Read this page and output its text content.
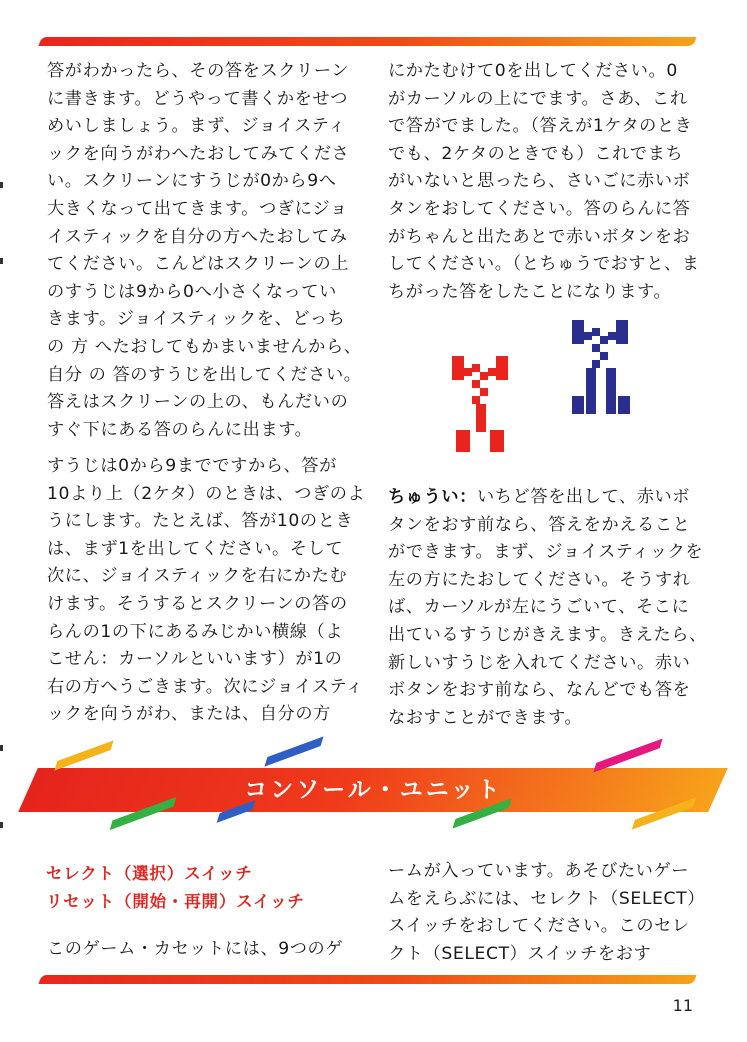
答がわかったら、その答をスクリーン
に書きます。どうやって書くかをせつ
めいしましょう。まず、ジョイスティ
ックを向うがわへたおしてみてくださ
い。スクリーンにすうじが0から9へ
大きくなって出てきます。つぎにジョ
イスティックを自分の方へたおしてみ
てください。こんどはスクリーンの上
のすうじは9から0へ小さくなってい
きます。ジョイスティックを、どっち
の 方 へたおしてもかまいませんから、
自分 の 答のすうじを出してください。
答えはスクリーンの上の、もんだいの
すぐ下にある答のらんに出ます。
すうじは0から9までですから、答が
10より上（2ケタ）のときは、つぎのよ
うにします。たとえば、答が10のとき
は、まず1を出してください。そして
次に、ジョイスティックを右にかたむ
けます。そうするとスクリーンの答の
らんの1の下にあるみじかい横線（よ
こせん：カーソルといいます）が1の
右の方へうごきます。次にジョイスティ
ックを向うがわ、または、自分の方
にかたむけて0を出してください。0
がカーソルの上にでます。さあ、これ
で答がでました。（答えが1ケタのとき
でも、2ケタのときでも）これでまち
がいないと思ったら、さいごに赤いボ
タンをおしてください。答のらんに答
がちゃんと出たあとで赤いボタンをお
してください。（とちゅうでおすと、ま
ちがった答をしたことになります。
ちゅうい：いちど答を出して、赤いボ
タンをおす前なら、答えをかえること
ができます。まず、ジョイスティックを
左の方にたおしてください。そうすれ
ば、カーソルが左にうごいて、そこに
出ているすうじがきえます。きえたら、
新しいすうじを入れてください。赤い
ボタンをおす前なら、なんどでも答を
なおすことができます。
コンソール・ユニット
セレクト（選択）スイッチ
リセット（開始・再開）スイッチ
このゲーム・カセットには、9つのゲ
ームが入っています。あそびたいゲー
ムをえらぶには、セレクト（SELECT）
スイッチをおしてください。このセレ
クト（SELECT）スイッチをおす
11
